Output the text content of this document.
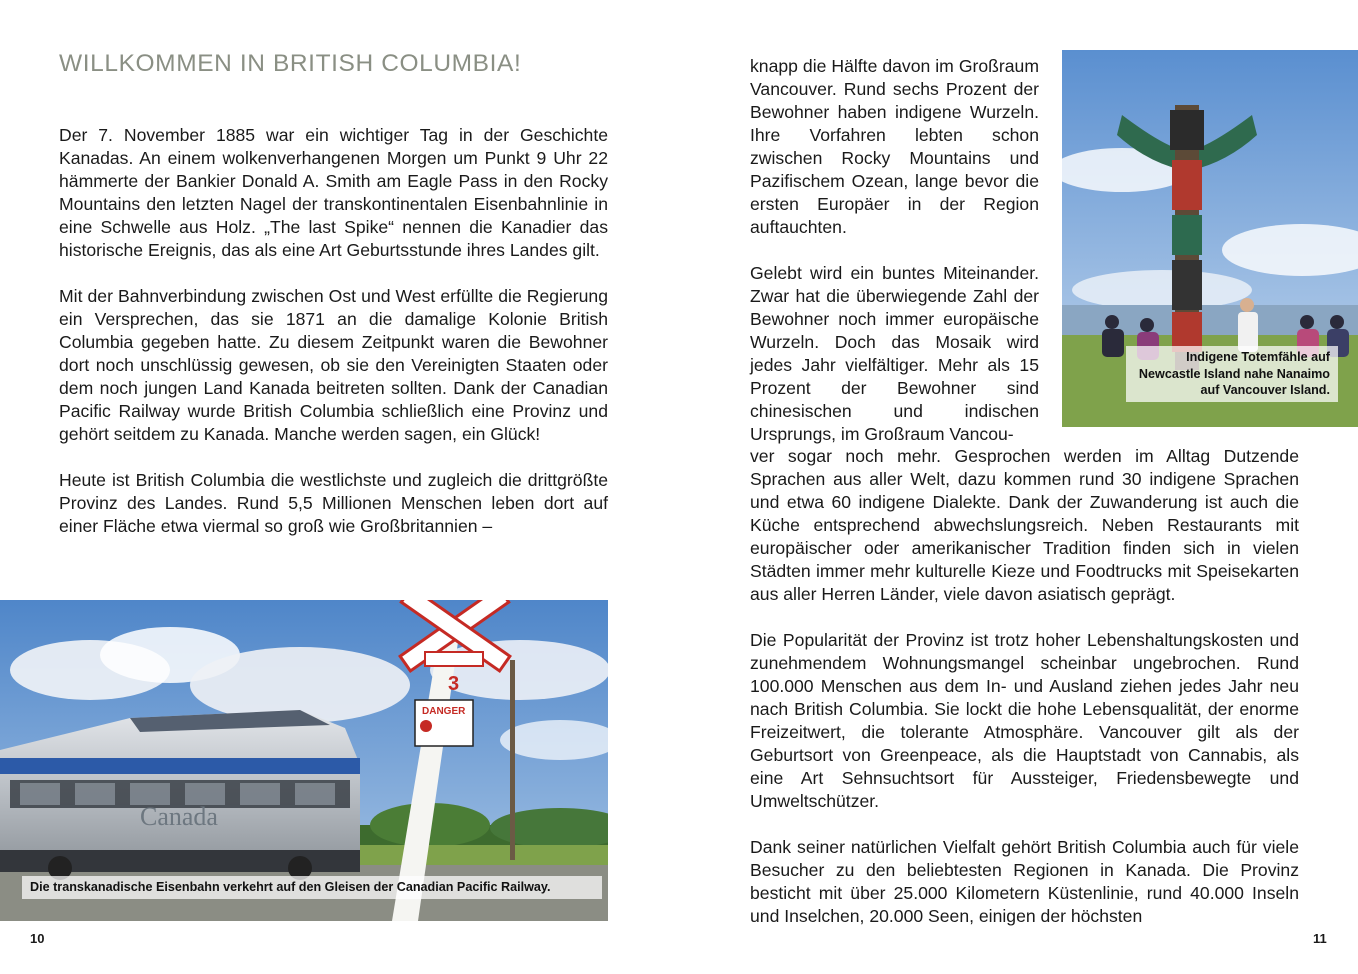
WILLKOMMEN IN BRITISH COLUMBIA!

Der 7. November 1885 war ein wichtiger Tag in der Geschichte Kanadas. An einem wolkenverhangenen Morgen um Punkt 9 Uhr 22 hämmerte der Bankier Donald A. Smith am Eagle Pass in den Rocky Mountains den letzten Nagel der transkontinentalen Eisenbahnlinie in eine Schwelle aus Holz. „The last Spike“ nennen die Kanadier das historische Ereignis, das als eine Art Geburtsstunde ihres Landes gilt.

Mit der Bahnverbindung zwischen Ost und West erfüllte die Regierung ein Versprechen, das sie 1871 an die damalige Kolonie British Columbia gegeben hatte. Zu diesem Zeitpunkt waren die Bewohner dort noch unschlüssig gewesen, ob sie den Vereinigten Staaten oder dem noch jungen Land Kanada beitreten sollten. Dank der Canadian Pacific Railway wurde British Columbia schließlich eine Provinz und gehört seitdem zu Kanada. Manche werden sagen, ein Glück!

Heute ist British Columbia die westlichste und zugleich die drittgrößte Provinz des Landes. Rund 5,5 Millionen Menschen leben dort auf einer Fläche etwa viermal so groß wie Großbritannien –

Canada
3
DANGER
Die transkanadische Eisenbahn verkehrt auf den Gleisen der Canadian Pacific Railway.
10

knapp die Hälfte davon im Großraum Vancouver. Rund sechs Prozent der Bewohner haben indigene Wurzeln. Ihre Vorfahren lebten schon zwischen Rocky Mountains und Pazifischem Ozean, lange bevor die ersten Europäer in der Region auftauchten.

Gelebt wird ein buntes Miteinander. Zwar hat die überwiegende Zahl der Bewohner noch immer europäische Wurzeln. Doch das Mosaik wird jedes Jahr vielfältiger. Mehr als 15 Prozent der Bewohner sind chinesischen und indischen Ursprungs, im Großraum Vancou-

Indigene Totemfähle auf Newcastle Island nahe Nanaimo auf Vancouver Island.

ver sogar noch mehr. Gesprochen werden im Alltag Dutzende Sprachen aus aller Welt, dazu kommen rund 30 indigene Sprachen und etwa 60 indigene Dialekte. Dank der Zuwanderung ist auch die Küche entsprechend abwechslungsreich. Neben Restaurants mit europäischer oder amerikanischer Tradition finden sich in vielen Städten immer mehr kulturelle Kieze und Foodtrucks mit Speisekarten aus aller Herren Länder, viele davon asiatisch geprägt.

Die Popularität der Provinz ist trotz hoher Lebenshaltungskosten und zunehmendem Wohnungsmangel scheinbar ungebrochen. Rund 100.000 Menschen aus dem In- und Ausland ziehen jedes Jahr neu nach British Columbia. Sie lockt die hohe Lebensqualität, der enorme Freizeitwert, die tolerante Atmosphäre. Vancouver gilt als der Geburtsort von Greenpeace, als die Hauptstadt von Cannabis, als eine Art Sehnsuchtsort für Aussteiger, Friedensbewegte und Umweltschützer.

Dank seiner natürlichen Vielfalt gehört British Columbia auch für viele Besucher zu den beliebtesten Regionen in Kanada. Die Provinz besticht mit über 25.000 Kilometern Küstenlinie, rund 40.000 Inseln und Inselchen, 20.000 Seen, einigen der höchsten

11
